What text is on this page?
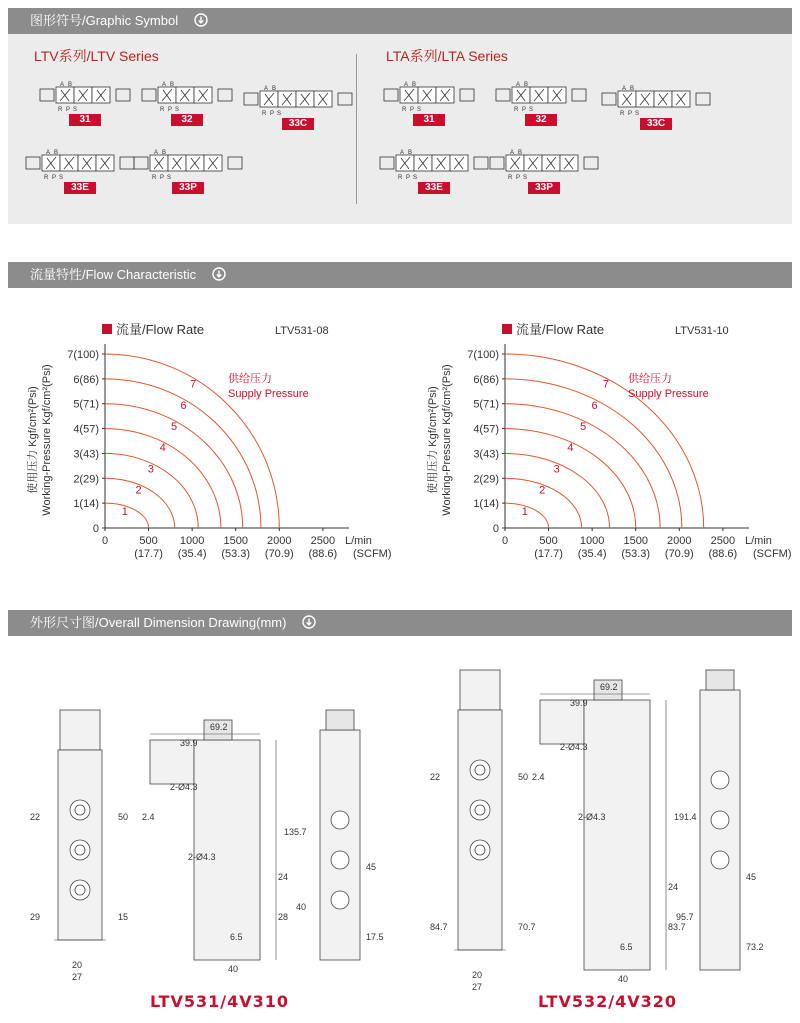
图形符号/Graphic Symbol
LTV系列/LTV Series	LTA系列/LTA Series
A B
R P S
31
A B
R P S
32
A B
R P S
33C
A B
R P S
33E
A B
R P S
33P
A B
R P S
31
A B
R P S
32
A B
R P S
33C
A B
R P S
33E
A B
R P S
33P
流量特性/Flow Characteristic
流量/Flow Rate	LTV531-08
0
1(14)
2(29)
3(43)
4(57)
5(71)
6(86)
7(100)
0	500 1000 1500 2000 2500
(17.7) (35.4) (53.3) (70.9) (88.6)
L/min
(SCFM)
使用压力 Kgf/cm²(Psi) Working-Pressure Kgf/cm²(Psi)	1
2
3
4
5
6
7	供给压力
Supply Pressure
流量/Flow Rate	LTV531-10
0
1(14)
2(29)
3(43)
4(57)
5(71)
6(86)
7(100)
0	500 1000 1500 2000 2500
(17.7) (35.4) (53.3) (70.9) (88.6)
L/min
(SCFM)
使用压力 Kgf/cm²(Psi) Working-Pressure Kgf/cm²(Psi)	1
2
3
4
5
6
7 供给压力
Supply Pressure
外形尺寸图/Overall Dimension Drawing(mm)
69.2
39.9
2-Ø4.3
2.4
2-Ø4.3
6.5
135.7
24
28
40
22	50
29	15
20
27
45
40
17.5
69.2
39.9
2-Ø4.3
2.4
2-Ø4.3
6.5
191.4
24
83.7
40
22	50
84.7	70.7
20
27
45
95.7
73.2
LTV531/4V310	LTV532/4V320
